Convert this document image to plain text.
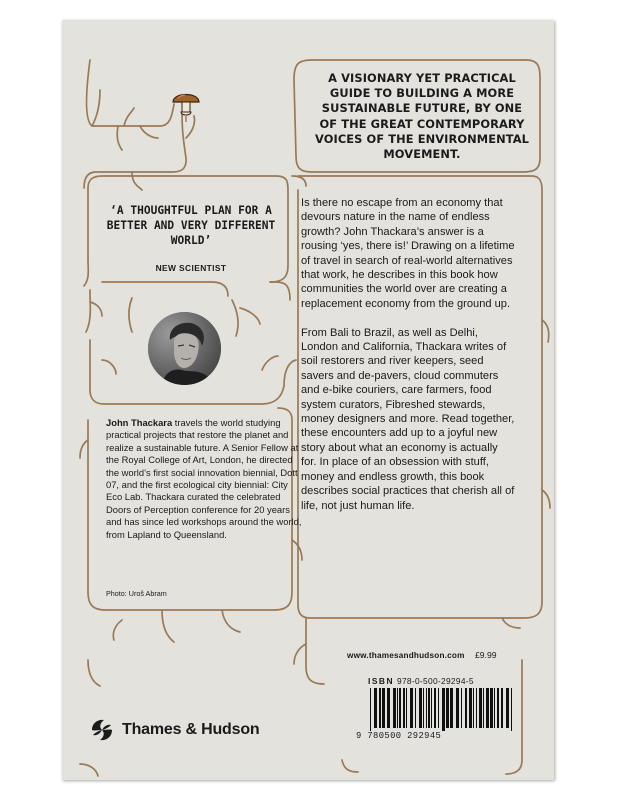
A VISIONARY YET PRACTICAL GUIDE TO BUILDING A MORE SUSTAINABLE FUTURE, BY ONE OF THE GREAT CONTEMPORARY VOICES OF THE ENVIRONMENTAL MOVEMENT.
‘A THOUGHTFUL PLAN FOR A BETTER AND VERY DIFFERENT WORLD’
NEW SCIENTIST

Is there no escape from an economy that devours nature in the name of endless growth? John Thackara’s answer is a rousing ‘yes, there is!’ Drawing on a lifetime of travel in search of real-world alternatives that work, he describes in this book how communities the world over are creating a replacement economy from the ground up.

From Bali to Brazil, as well as Delhi, London and California, Thackara writes of soil restorers and river keepers, seed savers and de-pavers, cloud commuters and e-bike couriers, care farmers, food system curators, Fibreshed stewards, money designers and more. Read together, these encounters add up to a joyful new story about what an economy is actually for. In place of an obsession with stuff, money and endless growth, this book describes social practices that cherish all of life, not just human life.

John Thackara travels the world studying practical projects that restore the planet and realize a sustainable future. A Senior Fellow at the Royal College of Art, London, he directed the world’s first social innovation biennial, Dott 07, and the first ecological city biennial: City Eco Lab. Thackara curated the celebrated Doors of Perception conference for 20 years and has since led workshops around the world, from Lapland to Queensland.
Photo: Uroš Abram
www.thamesandhudson.com	£9.99
ISBN 978-0-500-29294-5
9 780500 292945
Thames & Hudson
